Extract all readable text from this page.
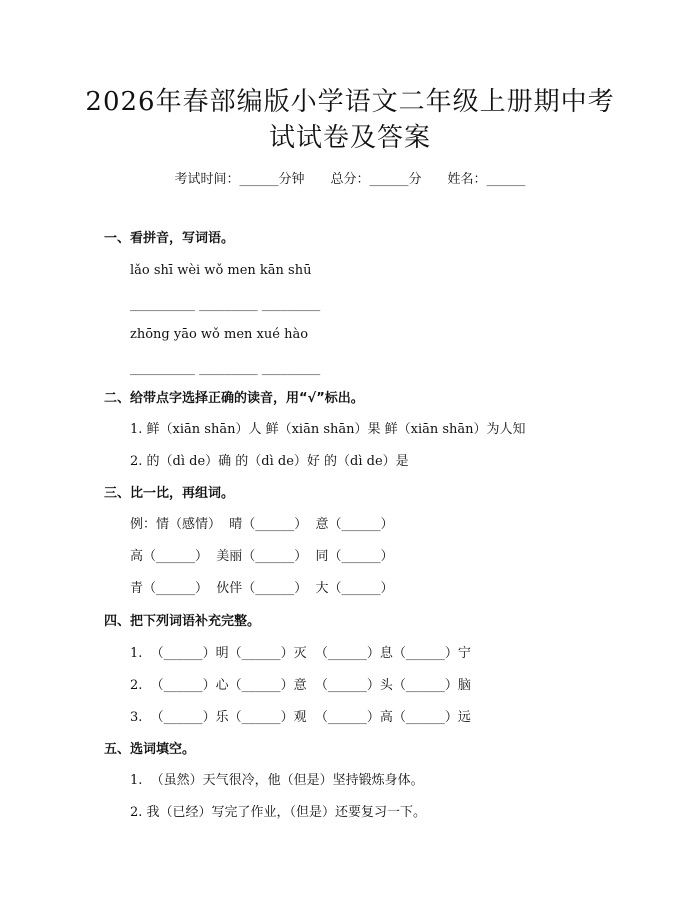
2026年春部编版小学语文二年级上册期中考
试试卷及答案
考试时间：______分钟　　总分：______分　　姓名：______
一、看拼音，写词语。
lǎo shī wèi wǒ men kān shū
__________ _________ _________
zhōng yāo wǒ men xué hào
__________ _________ _________
二、给带点字选择正确的读音，用“√”标出。
1. 鲜（xiān shān）人 鲜（xiān shān）果 鲜（xiān shān）为人知
2. 的（dì de）确 的（dì de）好 的（dì de）是
三、比一比，再组词。
例：情（感情）  晴（______）  意（______）
高（______）  美丽（______）  同（______）
青（______）  伙伴（______）  大（______）
四、把下列词语补充完整。
1.  （______）明（______）灭  （______）息（______）宁
2.  （______）心（______）意  （______）头（______）脑
3.  （______）乐（______）观  （______）高（______）远
五、选词填空。
1.  （虽然）天气很冷，他（但是）坚持锻炼身体。
2. 我（已经）写完了作业，（但是）还要复习一下。
